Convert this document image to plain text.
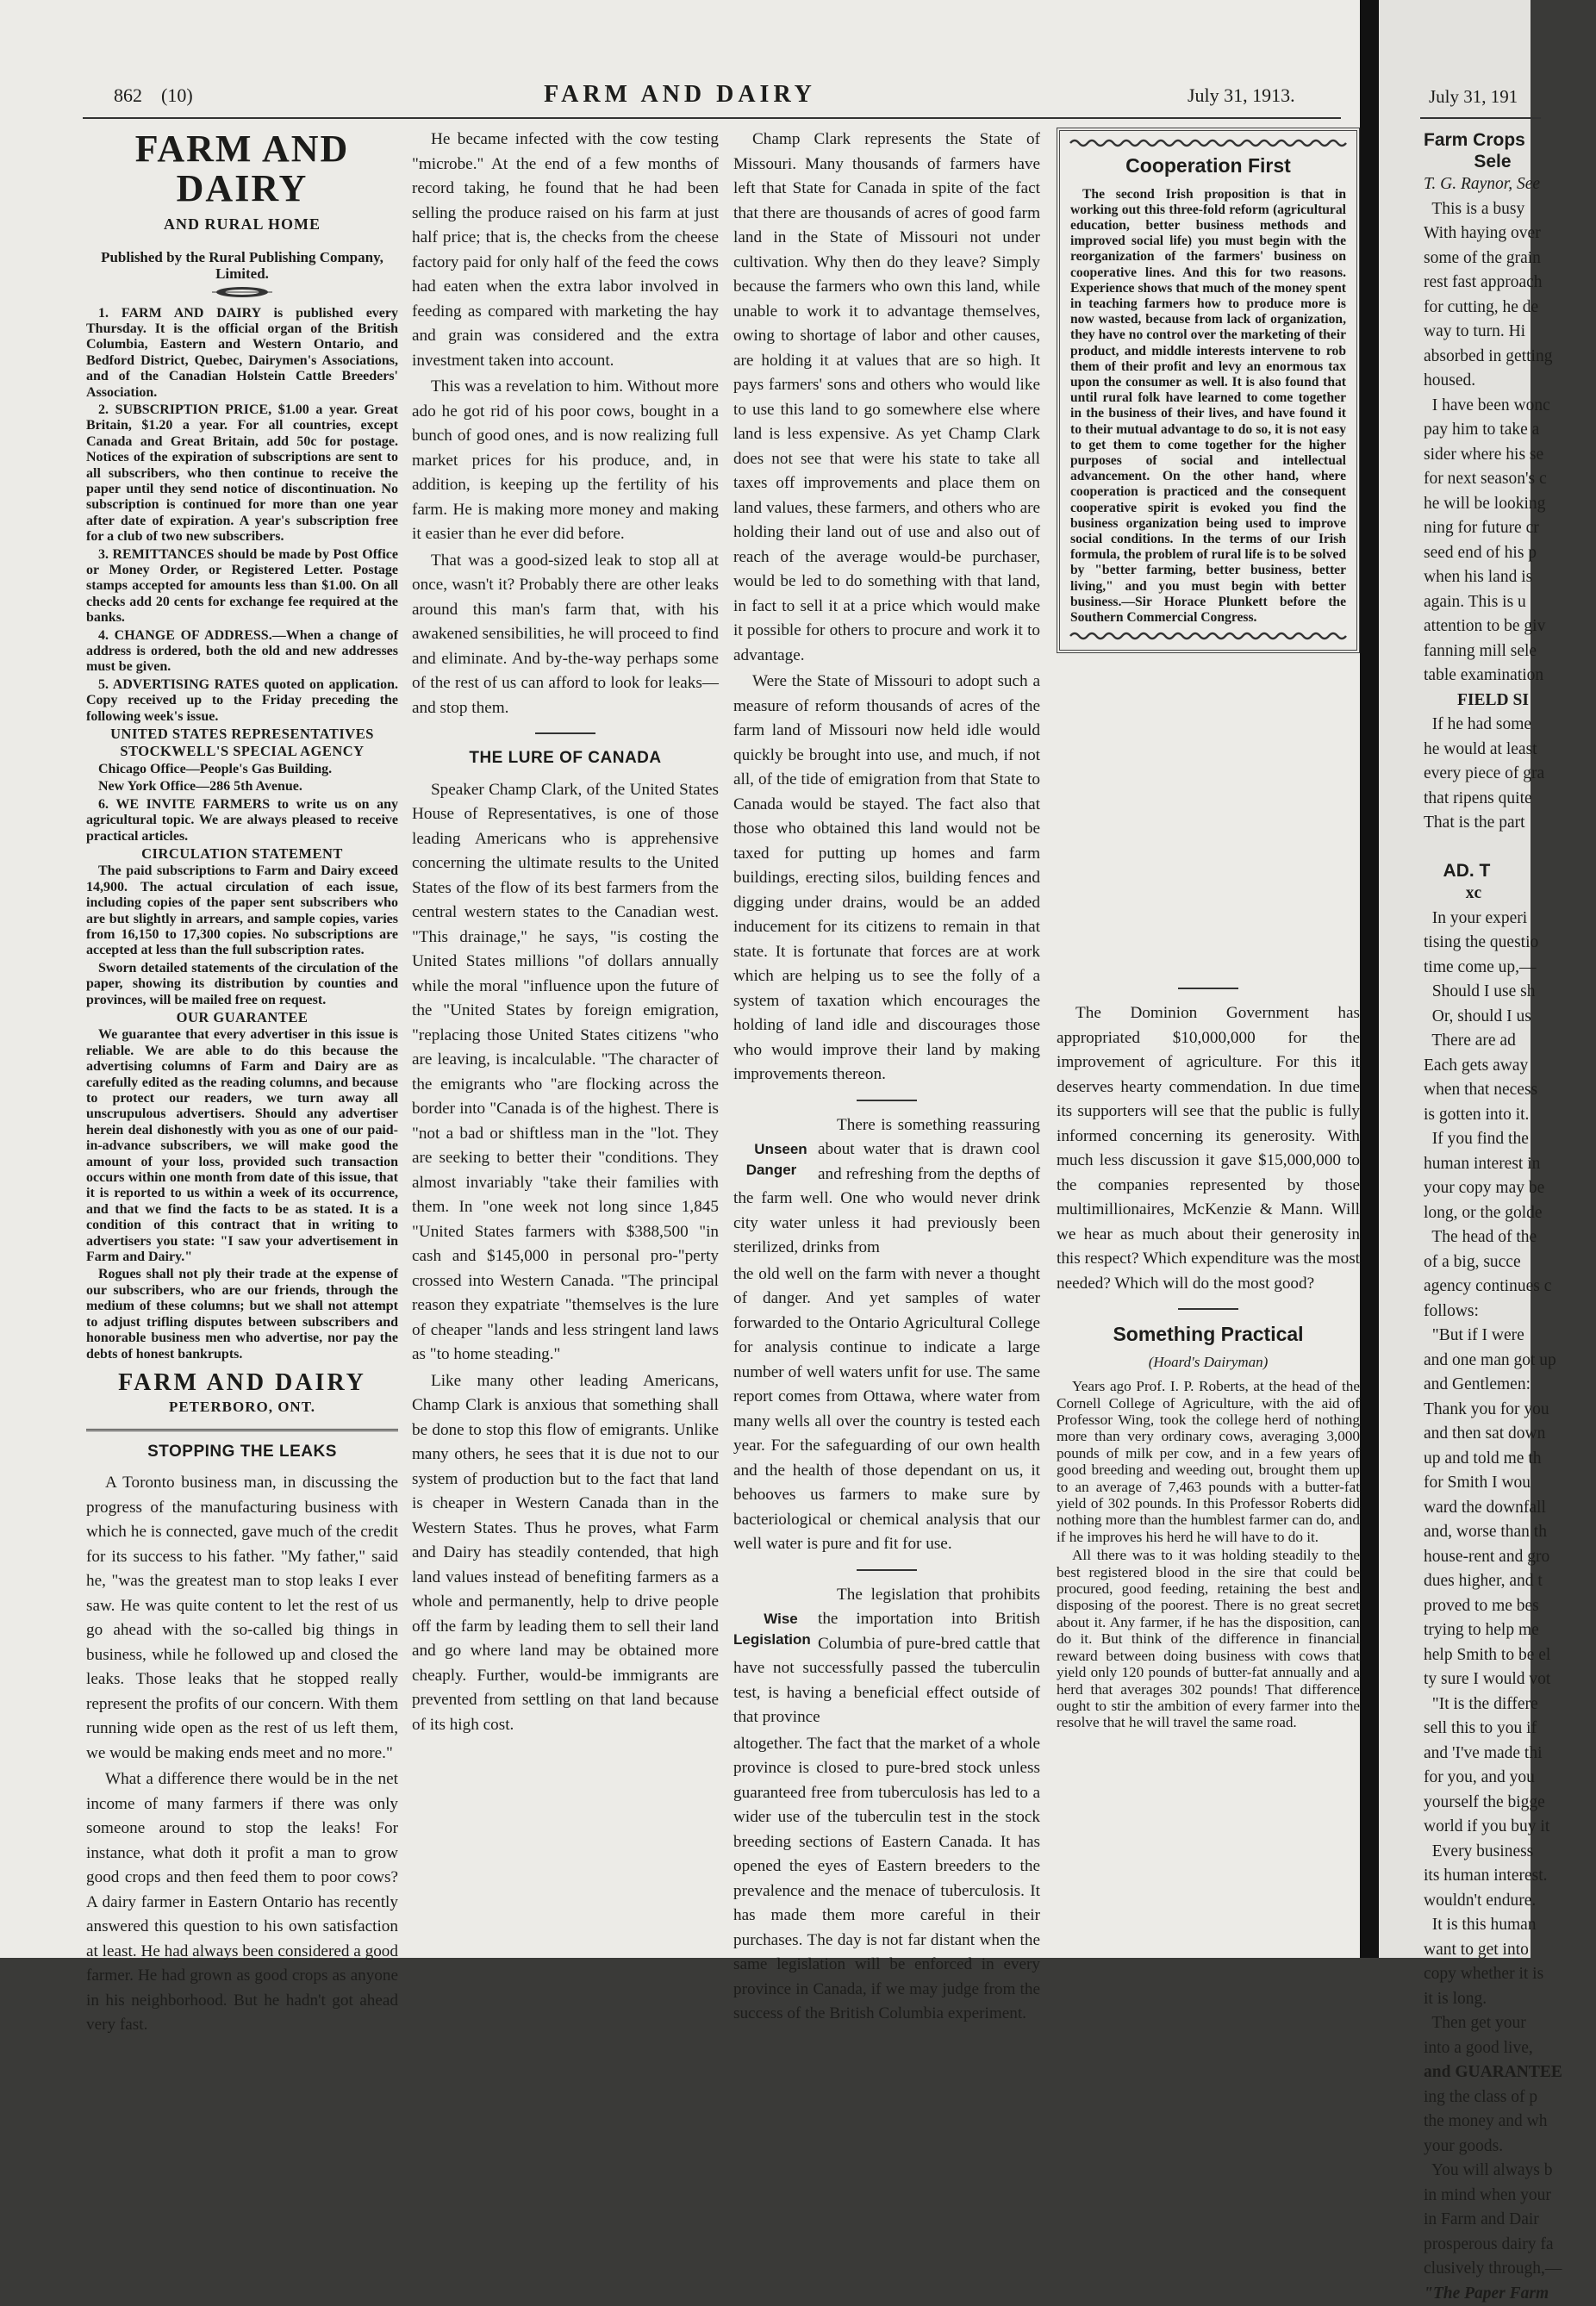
862    (10)	FARM AND DAIRY	July 31, 1913.
FARM AND DAIRY
AND RURAL HOME
Published by the Rural Publishing Company, Limited.

1. FARM AND DAIRY is published every Thursday. It is the official organ of the British Columbia, Eastern and Western Ontario, and Bedford District, Quebec, Dairymen's Associations, and of the Canadian Holstein Cattle Breeders' Association.

2. SUBSCRIPTION PRICE, $1.00 a year. Great Britain, $1.20 a year. For all countries, except Canada and Great Britain, add 50c for postage. Notices of the expiration of subscriptions are sent to all subscribers, who then continue to receive the paper until they send notice of discontinuation. No subscription is continued for more than one year after date of expiration. A year's subscription free for a club of two new subscribers.

3. REMITTANCES should be made by Post Office or Money Order, or Registered Letter. Postage stamps accepted for amounts less than $1.00. On all checks add 20 cents for exchange fee required at the banks.

4. CHANGE OF ADDRESS.—When a change of address is ordered, both the old and new addresses must be given.

5. ADVERTISING RATES quoted on application. Copy received up to the Friday preceding the following week's issue.

UNITED STATES REPRESENTATIVES

STOCKWELL'S SPECIAL AGENCY

Chicago Office—People's Gas Building.

New York Office—286 5th Avenue.

6. WE INVITE FARMERS to write us on any agricultural topic. We are always pleased to receive practical articles.

CIRCULATION STATEMENT

The paid subscriptions to Farm and Dairy exceed 14,900. The actual circulation of each issue, including copies of the paper sent subscribers who are but slightly in arrears, and sample copies, varies from 16,150 to 17,300 copies. No subscriptions are accepted at less than the full subscription rates.

Sworn detailed statements of the circulation of the paper, showing its distribution by counties and provinces, will be mailed free on request.

OUR GUARANTEE

We guarantee that every advertiser in this issue is reliable. We are able to do this because the advertising columns of Farm and Dairy are as carefully edited as the reading columns, and because to protect our readers, we turn away all unscrupulous advertisers. Should any advertiser herein deal dishonestly with you as one of our paid-in-advance subscribers, we will make good the amount of your loss, provided such transaction occurs within one month from date of this issue, that it is reported to us within a week of its occurrence, and that we find the facts to be as stated. It is a condition of this contract that in writing to advertisers you state: "I saw your advertisement in Farm and Dairy."

Rogues shall not ply their trade at the expense of our subscribers, who are our friends, through the medium of these columns; but we shall not attempt to adjust trifling disputes between subscribers and honorable business men who advertise, nor pay the debts of honest bankrupts.

FARM AND DAIRY
PETERBORO, ONT.
STOPPING THE LEAKS

A Toronto business man, in discussing the progress of the manufacturing business with which he is connected, gave much of the credit for its success to his father. "My father," said he, "was the greatest man to stop leaks I ever saw. He was quite content to let the rest of us go ahead with the so-called big things in business, while he followed up and closed the leaks. Those leaks that he stopped really represent the profits of our concern. With them running wide open as the rest of us left them, we would be making ends meet and no more."

What a difference there would be in the net income of many farmers if there was only someone around to stop the leaks! For instance, what doth it profit a man to grow good crops and then feed them to poor cows? A dairy farmer in Eastern Ontario has recently answered this question to his own satisfaction at least. He had always been considered a good farmer. He had grown as good crops as anyone in his neighborhood. But he hadn't got ahead very fast.

He became infected with the cow testing "microbe." At the end of a few months of record taking, he found that he had been selling the produce raised on his farm at just half price; that is, the checks from the cheese factory paid for only half of the feed the cows had eaten when the extra labor involved in feeding as compared with marketing the hay and grain was considered and the extra investment taken into account.

This was a revelation to him. Without more ado he got rid of his poor cows, bought in a bunch of good ones, and is now realizing full market prices for his produce, and, in addition, is keeping up the fertility of his farm. He is making more money and making it easier than he ever did before.

That was a good-sized leak to stop all at once, wasn't it? Probably there are other leaks around this man's farm that, with his awakened sensibilities, he will proceed to find and eliminate. And by-the-way perhaps some of the rest of us can afford to look for leaks—and stop them.

THE LURE OF CANADA

Speaker Champ Clark, of the United States House of Representatives, is one of those leading Americans who is apprehensive concerning the ultimate results to the United States of the flow of its best farmers from the central western states to the Canadian west. "This drainage," he says, "is costing the United States millions "of dollars annually while the moral "influence upon the future of the "United States by foreign emigration, "replacing those United States citizens "who are leaving, is incalculable. "The character of the emigrants who "are flocking across the border into "Canada is of the highest. There is "not a bad or shiftless man in the "lot. They are seeking to better their "conditions. They almost invariably "take their families with them. In "one week not long since 1,845 "United States farmers with $388,500 "in cash and $145,000 in personal pro-"perty crossed into Western Canada. "The principal reason they expatriate "themselves is the lure of cheaper "lands and less stringent land laws as "to home steading."

Like many other leading Americans, Champ Clark is anxious that something shall be done to stop this flow of emigrants. Unlike many others, he sees that it is due not to our system of production but to the fact that land is cheaper in Western Canada than in the Western States. Thus he proves, what Farm and Dairy has steadily contended, that high land values instead of benefiting farmers as a whole and permanently, help to drive people off the farm by leading them to sell their land and go where land may be obtained more cheaply. Further, would-be immigrants are prevented from settling on that land because of its high cost.

Champ Clark represents the State of Missouri. Many thousands of farmers have left that State for Canada in spite of the fact that there are thousands of acres of good farm land in the State of Missouri not under cultivation. Why then do they leave? Simply because the farmers who own this land, while unable to work it to advantage themselves, owing to shortage of labor and other causes, are holding it at values that are so high. It pays farmers' sons and others who would like to use this land to go somewhere else where land is less expensive. As yet Champ Clark does not see that were his state to take all taxes off improvements and place them on land values, these farmers, and others who are holding their land out of use and also out of reach of the average would-be purchaser, would be led to do something with that land, in fact to sell it at a price which would make it possible for others to procure and work it to advantage.

Were the State of Missouri to adopt such a measure of reform thousands of acres of the farm land of Missouri now held idle would quickly be brought into use, and much, if not all, of the tide of emigration from that State to Canada would be stayed. The fact also that those who obtained this land would not be taxed for putting up homes and farm buildings, erecting silos, building fences and digging under drains, would be an added inducement for its citizens to remain in that state. It is fortunate that forces are at work which are helping us to see the folly of a system of taxation which encourages the holding of land idle and discourages those who would improve their land by making improvements thereon.

Unseen Danger
There is something reassuring about water that is drawn cool and refreshing from the depths of the farm well. One who would never drink city water unless it had previously been sterilized, drinks from

the old well on the farm with never a thought of danger. And yet samples of water forwarded to the Ontario Agricultural College for analysis continue to indicate a large number of well waters unfit for use. The same report comes from Ottawa, where water from many wells all over the country is tested each year. For the safeguarding of our own health and the health of those dependant on us, it behooves us farmers to make sure by bacteriological or chemical analysis that our well water is pure and fit for use.

Wise Legislation
The legislation that prohibits the importation into British Columbia of pure-bred cattle that have not successfully passed the tuberculin test, is having a beneficial effect outside of that province

altogether. The fact that the market of a whole province is closed to pure-bred stock unless guaranteed free from tuberculosis has led to a wider use of the tuberculin test in the stock breeding sections of Eastern Canada. It has opened the eyes of Eastern breeders to the prevalence and the menace of tuberculosis. It has made them more careful in their purchases. The day is not far distant when the same legislation will be enforced in every province in Canada, if we may judge from the success of the British Columbia experiment.

Cooperation First
The second Irish proposition is that in working out this three-fold reform (agricultural education, better business methods and improved social life) you must begin with the reorganization of the farmers' business on cooperative lines. And this for two reasons. Experience shows that much of the money spent in teaching farmers how to produce more is now wasted, because from lack of organization, they have no control over the marketing of their product, and middle interests intervene to rob them of their profit and levy an enormous tax upon the consumer as well. It is also found that until rural folk have learned to come together in the business of their lives, and have found it to their mutual advantage to do so, it is not easy to get them to come together for the higher purposes of social and intellectual advancement. On the other hand, where cooperation is practiced and the consequent cooperative spirit is evoked you find the business organization being used to improve social conditions. In the terms of our Irish formula, the problem of rural life is to be solved by "better farming, better business, better living," and you must begin with better business.—Sir Horace Plunkett before the Southern Commercial Congress.

The Dominion Government has appropriated $10,000,000 for the improvement of agriculture. For this it deserves hearty commendation. In due time its supporters will see that the public is fully informed concerning its generosity. With much less discussion it gave $15,000,000 to the companies represented by those multimillionaires, McKenzie & Mann. Will we hear as much about their generosity in this respect? Which expenditure was the most needed? Which will do the most good?

Something Practical
(Hoard's Dairyman)

Years ago Prof. I. P. Roberts, at the head of the Cornell College of Agriculture, with the aid of Professor Wing, took the college herd of nothing more than very ordinary cows, averaging 3,000 pounds of milk per cow, and in a few years of good breeding and weeding out, brought them up to an average of 7,463 pounds with a butter-fat yield of 302 pounds. In this Professor Roberts did nothing more than the humblest farmer can do, and if he improves his herd he will have to do it.

All there was to it was holding steadily to the best registered blood in the sire that could be procured, good feeding, retaining the best and disposing of the poorest. There is no great secret about it. Any farmer, if he has the disposition, can do it. But think of the difference in financial reward between doing business with cows that yield only 120 pounds of butter-fat annually and a herd that averages 302 pounds! That difference ought to stir the ambition of every farmer into the resolve that he will travel the same road.

July 31, 191
Farm Crops
Sele
T. G. Raynor, See
This is a busy
With haying over
some of the grain
rest fast approach
for cutting, he de
way to turn. Hi
absorbed in getting
housed.
I have been wonc
pay him to take a
sider where his se
for next season's c
he will be looking
ning for future cr
seed end of his p
when his land is
again. This is u
attention to be giv
fanning mill sele
table examination
FIELD SI
If he had some
he would at least
every piece of gra
that ripens quite
That is the part

AD. T
xc
In your experi
tising the questio
time come up,—
Should I use sh
Or, should I us
There are ad
Each gets away
when that necess
is gotten into it.
If you find the
human interest in
your copy may be
long, or the golde
The head of the
of a big, succe
agency continues c
follows:
"But if I were
and one man got up
and Gentlemen:
Thank you for you
and then sat down
up and told me th
for Smith I wou
ward the downfall
and, worse than th
house-rent and gro
dues higher, and t
proved to me bes
trying to help me
help Smith to be el
ty sure I would vot
"It is the differe
sell this to you if
and 'I've made thi
for you, and you
yourself the bigge
world if you buy it
Every business
its human interest.
wouldn't endure.
It is this human
want to get into
copy whether it is
it is long.
Then get your
into a good live,
and GUARANTEE
ing the class of p
the money and wh
your goods.
You will always b
in mind when your
in Farm and Dair
prosperous dairy fa
clusively through,—
"The Paper Farm
